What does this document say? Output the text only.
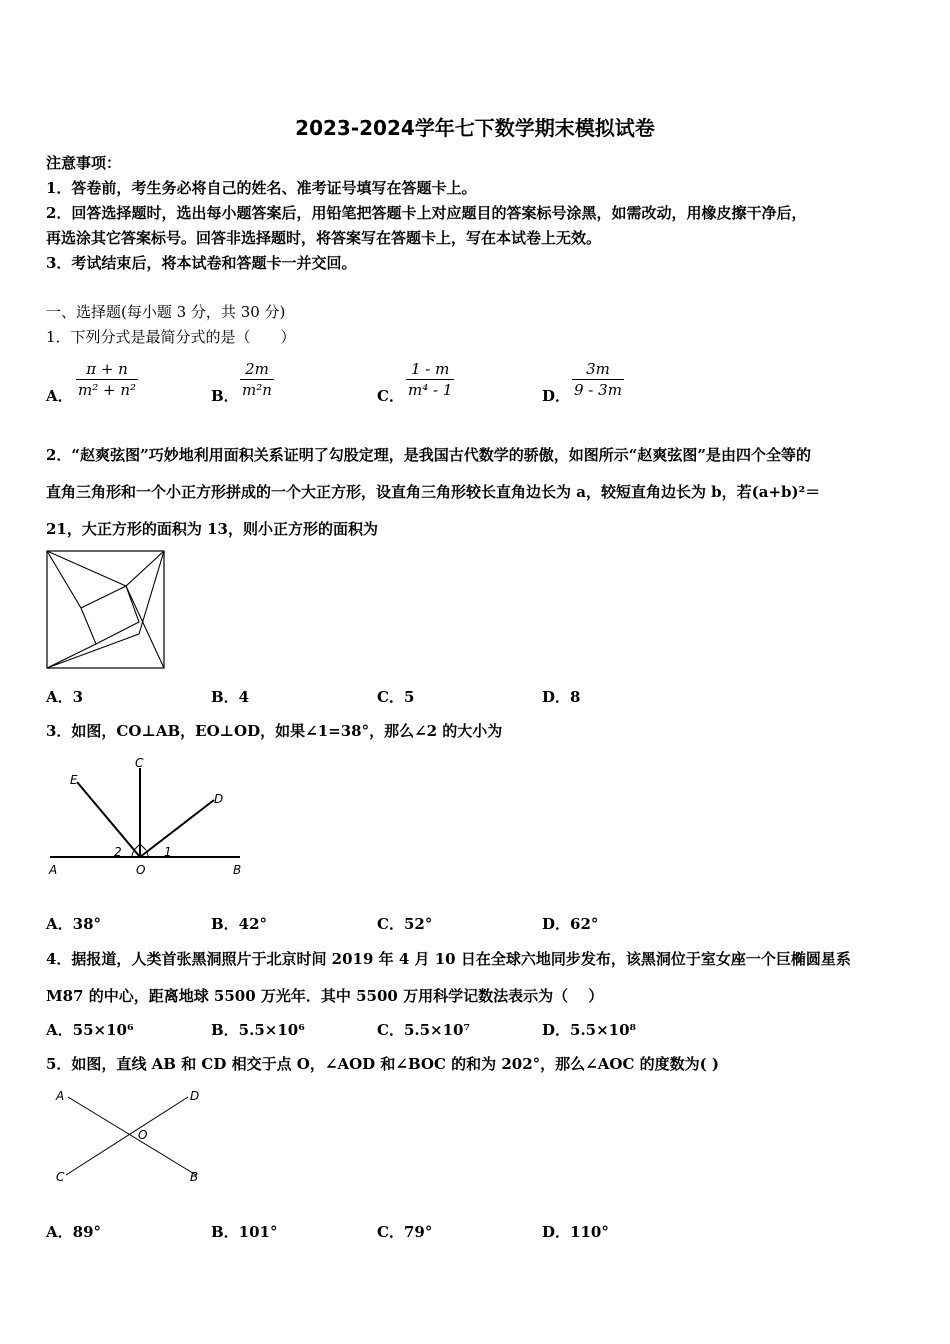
2023-2024学年七下数学期末模拟试卷
注意事项：
1．答卷前，考生务必将自己的姓名、准考证号填写在答题卡上。
2．回答选择题时，选出每小题答案后，用铅笔把答题卡上对应题目的答案标号涂黑，如需改动，用橡皮擦干净后，
再选涂其它答案标号。回答非选择题时，将答案写在答题卡上，写在本试卷上无效。
3．考试结束后，将本试卷和答题卡一并交回。
一、选择题(每小题 3 分，共 30 分)
1．下列分式是最简分式的是（　　）
A． $\frac{\pi + n}{\text{m² + n²}}$	B． $\frac{2m}{\text{m²n}}$	C． $\frac{1 - m}{\text{m⁴ - 1}}$	D． $\frac{3m}{9 - 3m}$
2．“赵爽弦图”巧妙地利用面积关系证明了勾股定理，是我国古代数学的骄傲，如图所示“赵爽弦图”是由四个全等的
直角三角形和一个小正方形拼成的一个大正方形，设直角三角形较长直角边长为 a，较短直角边长为 b，若(a+b)²＝
21，大正方形的面积为 13，则小正方形的面积为
A．3	B．4	C．5	D．8
3．如图，CO⊥AB，EO⊥OD，如果∠1=38°，那么∠2 的大小为
E
C
D
A	O	B
2	1
A．38°	B．42°	C．52°	D．62°
4．据报道，人类首张黑洞照片于北京时间 2019 年 4 月 10 日在全球六地同步发布，该黑洞位于室女座一个巨椭圆星系
M87 的中心，距离地球 5500 万光年．其中 5500 万用科学记数法表示为（　 ）
A．55×10⁶	B．5.5×10⁶	C．5.5×10⁷	D．5.5×10⁸
5．如图，直线 AB 和 CD 相交于点 O，∠AOD 和∠BOC 的和为 202°，那么∠AOC 的度数为( )
A	D
O
C	B
A．89°	B．101°	C．79°	D．110°
